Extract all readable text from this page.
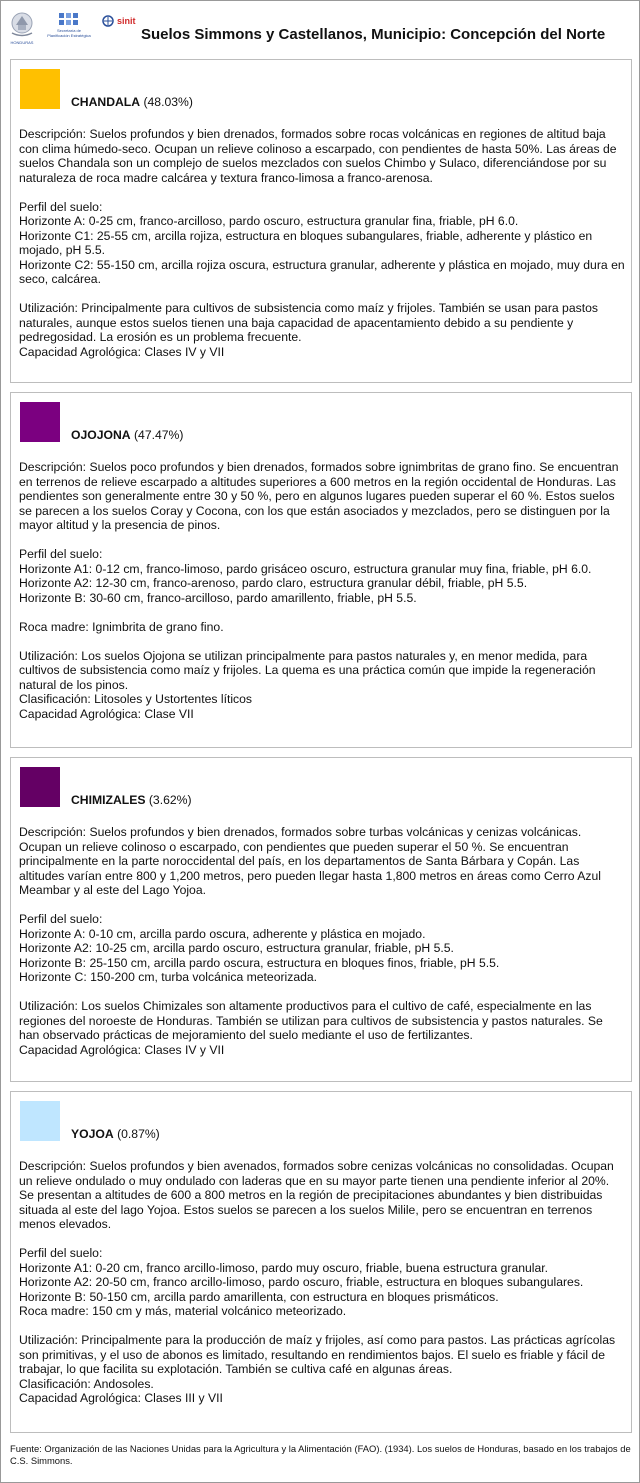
HONDURAS
Secretaría de Planificación Estratégica
sinit
Suelos Simmons y Castellanos, Municipio: Concepción del Norte
CHANDALA (48.03%)
Descripción: Suelos profundos y bien drenados, formados sobre rocas volcánicas en regiones de altitud baja con clima húmedo-seco. Ocupan un relieve colinoso a escarpado, con pendientes de hasta 50%. Las áreas de suelos Chandala son un complejo de suelos mezclados con suelos Chimbo y Sulaco, diferenciándose por su naturaleza de roca madre calcárea y textura franco-limosa a franco-arenosa.
Perfil del suelo:
Horizonte A: 0-25 cm, franco-arcilloso, pardo oscuro, estructura granular fina, friable, pH 6.0.
Horizonte C1: 25-55 cm, arcilla rojiza, estructura en bloques subangulares, friable, adherente y plástico en mojado, pH 5.5.
Horizonte C2: 55-150 cm, arcilla rojiza oscura, estructura granular, adherente y plástica en mojado, muy dura en seco, calcárea.
Utilización: Principalmente para cultivos de subsistencia como maíz y frijoles. También se usan para pastos naturales, aunque estos suelos tienen una baja capacidad de apacentamiento debido a su pendiente y pedregosidad. La erosión es un problema frecuente.
Capacidad Agrológica: Clases IV y VII
OJOJONA (47.47%)
Descripción: Suelos poco profundos y bien drenados, formados sobre ignimbritas de grano fino. Se encuentran en terrenos de relieve escarpado a altitudes superiores a 600 metros en la región occidental de Honduras. Las pendientes son generalmente entre 30 y 50 %, pero en algunos lugares pueden superar el 60 %. Estos suelos se parecen a los suelos Coray y Cocona, con los que están asociados y mezclados, pero se distinguen por la mayor altitud y la presencia de pinos.
Perfil del suelo:
Horizonte A1: 0-12 cm, franco-limoso, pardo grisáceo oscuro, estructura granular muy fina, friable, pH 6.0.
Horizonte A2: 12-30 cm, franco-arenoso, pardo claro, estructura granular débil, friable, pH 5.5.
Horizonte B: 30-60 cm, franco-arcilloso, pardo amarillento, friable, pH 5.5.
Roca madre: Ignimbrita de grano fino.
Utilización: Los suelos Ojojona se utilizan principalmente para pastos naturales y, en menor medida, para cultivos de subsistencia como maíz y frijoles. La quema es una práctica común que impide la regeneración natural de los pinos.
Clasificación: Litosoles y Ustortentes líticos
Capacidad Agrológica: Clase VII
CHIMIZALES (3.62%)
Descripción: Suelos profundos y bien drenados, formados sobre turbas volcánicas y cenizas volcánicas. Ocupan un relieve colinoso o escarpado, con pendientes que pueden superar el 50 %. Se encuentran principalmente en la parte noroccidental del país, en los departamentos de Santa Bárbara y Copán. Las altitudes varían entre 800 y 1,200 metros, pero pueden llegar hasta 1,800 metros en áreas como Cerro Azul Meambar y al este del Lago Yojoa.
Perfil del suelo:
Horizonte A: 0-10 cm, arcilla pardo oscura, adherente y plástica en mojado.
Horizonte A2: 10-25 cm, arcilla pardo oscuro, estructura granular, friable, pH 5.5.
Horizonte B: 25-150 cm, arcilla pardo oscura, estructura en bloques finos, friable, pH 5.5.
Horizonte C: 150-200 cm, turba volcánica meteorizada.
Utilización: Los suelos Chimizales son altamente productivos para el cultivo de café, especialmente en las regiones del noroeste de Honduras. También se utilizan para cultivos de subsistencia y pastos naturales. Se han observado prácticas de mejoramiento del suelo mediante el uso de fertilizantes.
Capacidad Agrológica: Clases IV y VII
YOJOA (0.87%)
Descripción: Suelos profundos y bien avenados, formados sobre cenizas volcánicas no consolidadas. Ocupan un relieve ondulado o muy ondulado con laderas que en su mayor parte tienen una pendiente inferior al 20%. Se presentan a altitudes de 600 a 800 metros en la región de precipitaciones abundantes y bien distribuidas situada al este del lago Yojoa. Estos suelos se parecen a los suelos Milile, pero se encuentran en terrenos menos elevados.
Perfil del suelo:
Horizonte A1: 0-20 cm, franco arcillo-limoso, pardo muy oscuro, friable, buena estructura granular.
Horizonte A2: 20-50 cm, franco arcillo-limoso, pardo oscuro, friable, estructura en bloques subangulares.
Horizonte B: 50-150 cm, arcilla pardo amarillenta, con estructura en bloques prismáticos.
Roca madre: 150 cm y más, material volcánico meteorizado.
Utilización: Principalmente para la producción de maíz y frijoles, así como para pastos. Las prácticas agrícolas son primitivas, y el uso de abonos es limitado, resultando en rendimientos bajos. El suelo es friable y fácil de trabajar, lo que facilita su explotación. También se cultiva café en algunas áreas.
Clasificación: Andosoles.
Capacidad Agrológica: Clases III y VII
Fuente: Organización de las Naciones Unidas para la Agricultura y la Alimentación (FAO). (1934). Los suelos de Honduras, basado en los trabajos de C.S. Simmons.
